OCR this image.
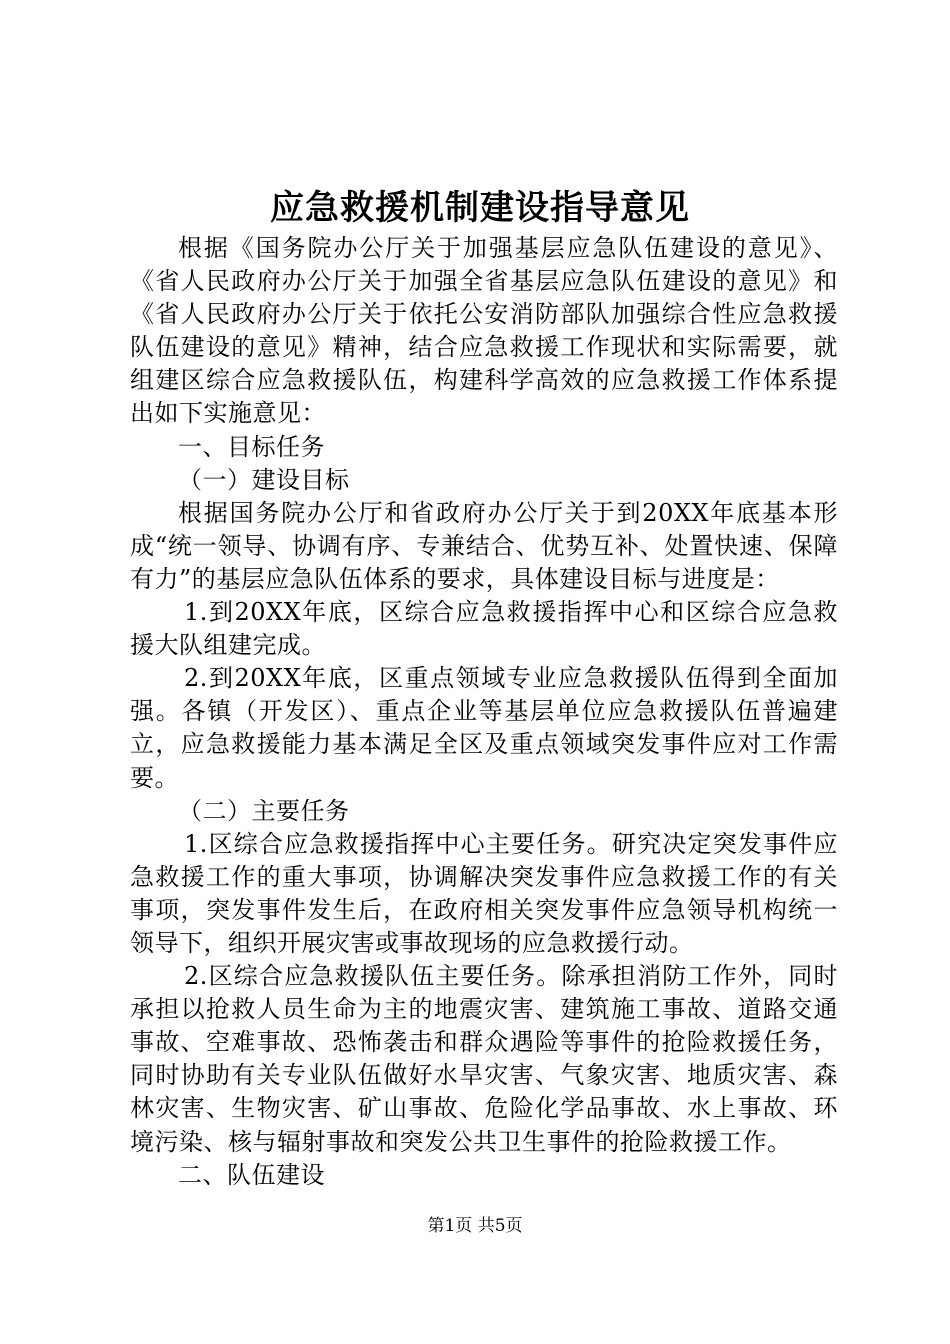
应急救援机制建设指导意见

根据《国务院办公厅关于加强基层应急队伍建设的意见》、《省人民政府办公厅关于加强全省基层应急队伍建设的意见》和《省人民政府办公厅关于依托公安消防部队加强综合性应急救援队伍建设的意见》精神，结合应急救援工作现状和实际需要，就组建区综合应急救援队伍，构建科学高效的应急救援工作体系提出如下实施意见：

一、目标任务

（一）建设目标

根据国务院办公厅和省政府办公厅关于到20XX年底基本形成“统一领导、协调有序、专兼结合、优势互补、处置快速、保障有力”的基层应急队伍体系的要求，具体建设目标与进度是：

1.到20XX年底，区综合应急救援指挥中心和区综合应急救援大队组建完成。

2.到20XX年底，区重点领域专业应急救援队伍得到全面加强。各镇（开发区）、重点企业等基层单位应急救援队伍普遍建立，应急救援能力基本满足全区及重点领域突发事件应对工作需要。

（二）主要任务

1.区综合应急救援指挥中心主要任务。研究决定突发事件应急救援工作的重大事项，协调解决突发事件应急救援工作的有关事项，突发事件发生后，在政府相关突发事件应急领导机构统一领导下，组织开展灾害或事故现场的应急救援行动。

2.区综合应急救援队伍主要任务。除承担消防工作外，同时承担以抢救人员生命为主的地震灾害、建筑施工事故、道路交通事故、空难事故、恐怖袭击和群众遇险等事件的抢险救援任务，同时协助有关专业队伍做好水旱灾害、气象灾害、地质灾害、森林灾害、生物灾害、矿山事故、危险化学品事故、水上事故、环境污染、核与辐射事故和突发公共卫生事件的抢险救援工作。

二、队伍建设

第1页 共5页
